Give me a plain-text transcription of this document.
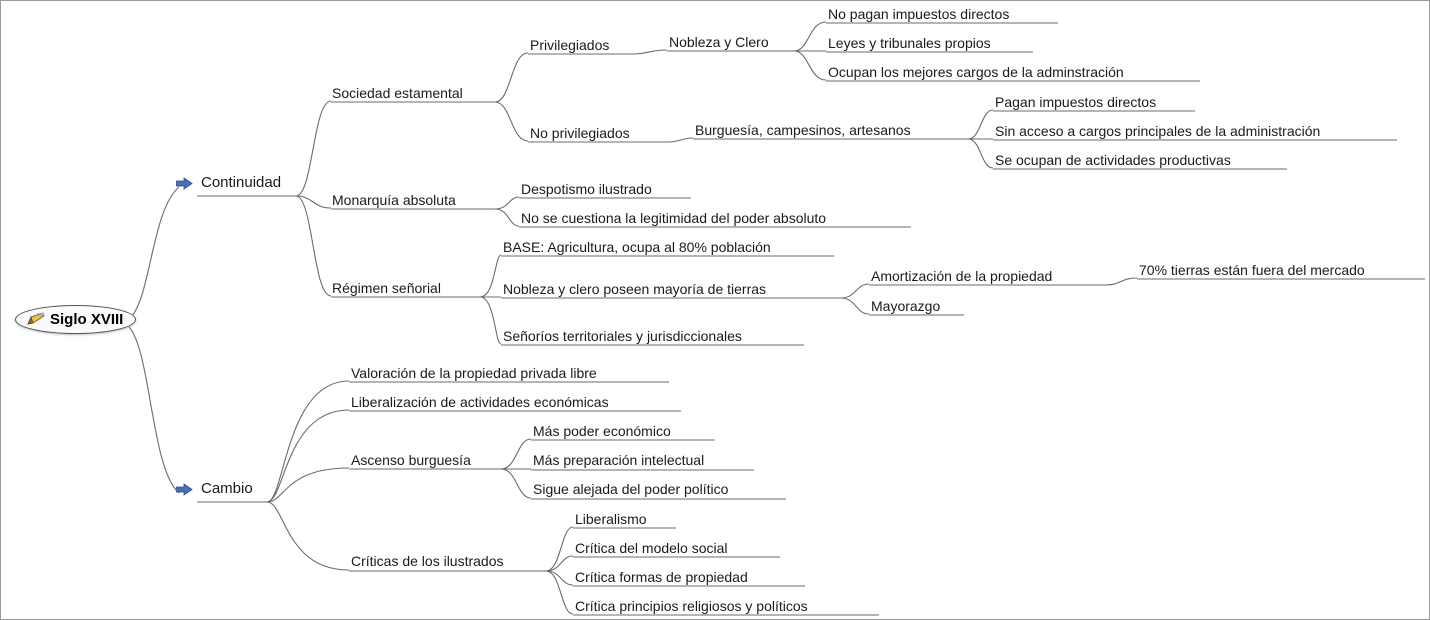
Siglo XVIII
Continuidad
Cambio
Sociedad estamental
Privilegiados	Nobleza y Clero
No pagan impuestos directos
Leyes y tribunales propios
Ocupan los mejores cargos de la adminstración
No privilegiados	Burguesía, campesinos, artesanos
Pagan impuestos directos
Sin acceso a cargos principales de la administración
Se ocupan de actividades productivas
Monarquía absoluta
Despotismo ilustrado
No se cuestiona la legitimidad del poder absoluto
Régimen señorial
BASE: Agricultura, ocupa al 80% población
Nobleza y clero poseen mayoría de tierras
Amortización de la propiedad	70% tierras están fuera del mercado
Mayorazgo
Señoríos territoriales y jurisdiccionales
Valoración de la propiedad privada libre
Liberalización de actividades económicas
Ascenso burguesía
Más poder económico
Más preparación intelectual
Sigue alejada del poder político
Críticas de los ilustrados
Liberalismo
Crítica del modelo social
Crítica formas de propiedad
Crítica principios religiosos y políticos
